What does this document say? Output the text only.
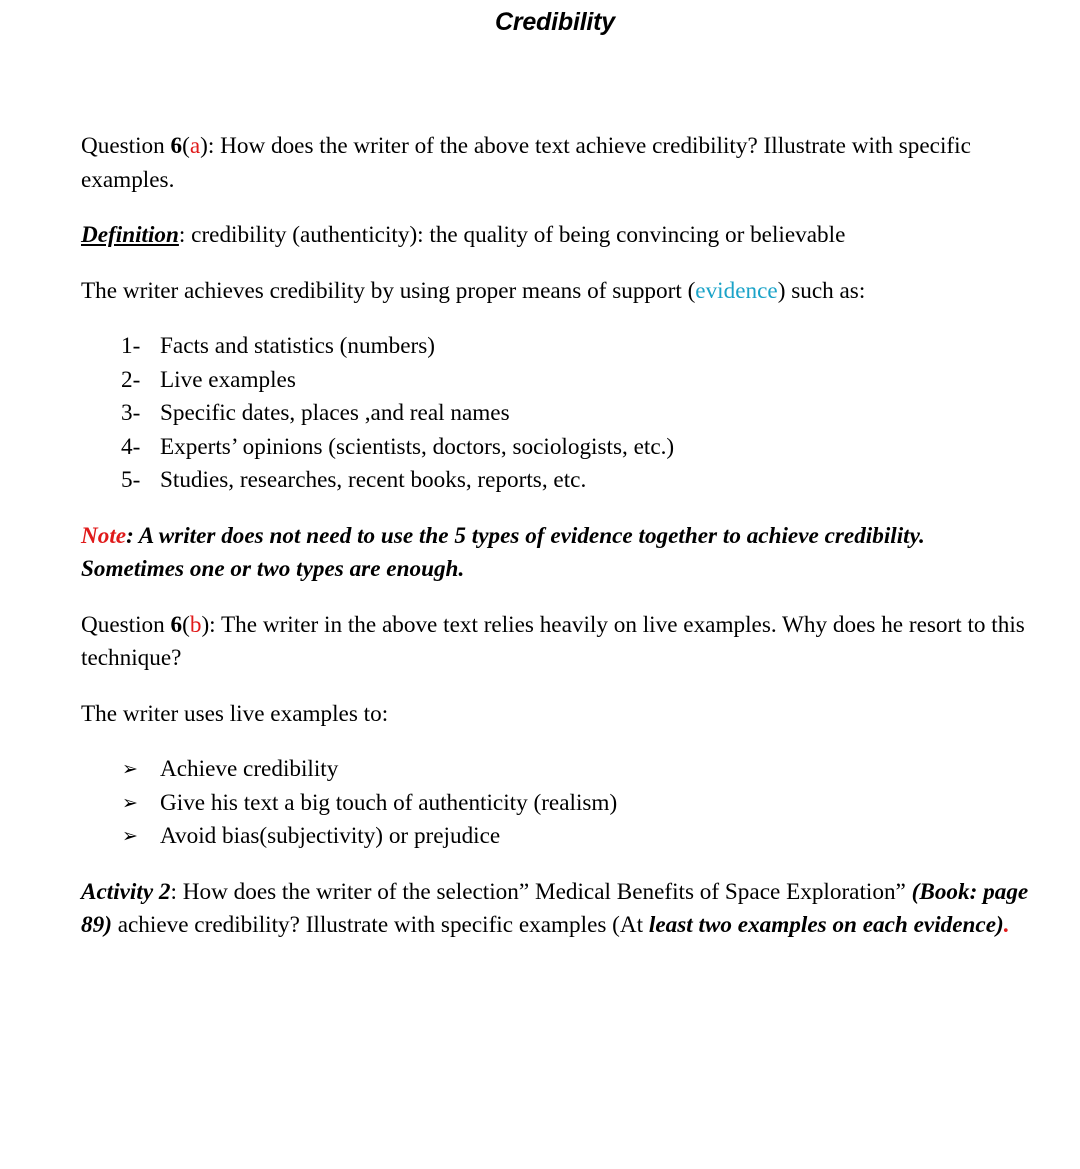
Credibility

Question 6(a): How does the writer of the above text achieve credibility? Illustrate with specific examples.

Definition: credibility (authenticity): the quality of being convincing or believable

The writer achieves credibility by using proper means of support (evidence) such as:

1- Facts and statistics (numbers)
2- Live examples
3- Specific dates, places ,and real names
4- Experts’ opinions (scientists, doctors, sociologists, etc.)
5- Studies, researches, recent books, reports, etc.

Note: A writer does not need to use the 5 types of evidence together to achieve credibility. Sometimes one or two types are enough.

Question 6(b): The writer in the above text relies heavily on live examples. Why does he resort to this technique?

The writer uses live examples to:

➢ Achieve credibility
➢ Give his text a big touch of authenticity (realism)
➢ Avoid bias(subjectivity) or prejudice

Activity 2: How does the writer of the selection” Medical Benefits of Space Exploration” (Book: page 89) achieve credibility? Illustrate with specific examples (At least two examples on each evidence).
